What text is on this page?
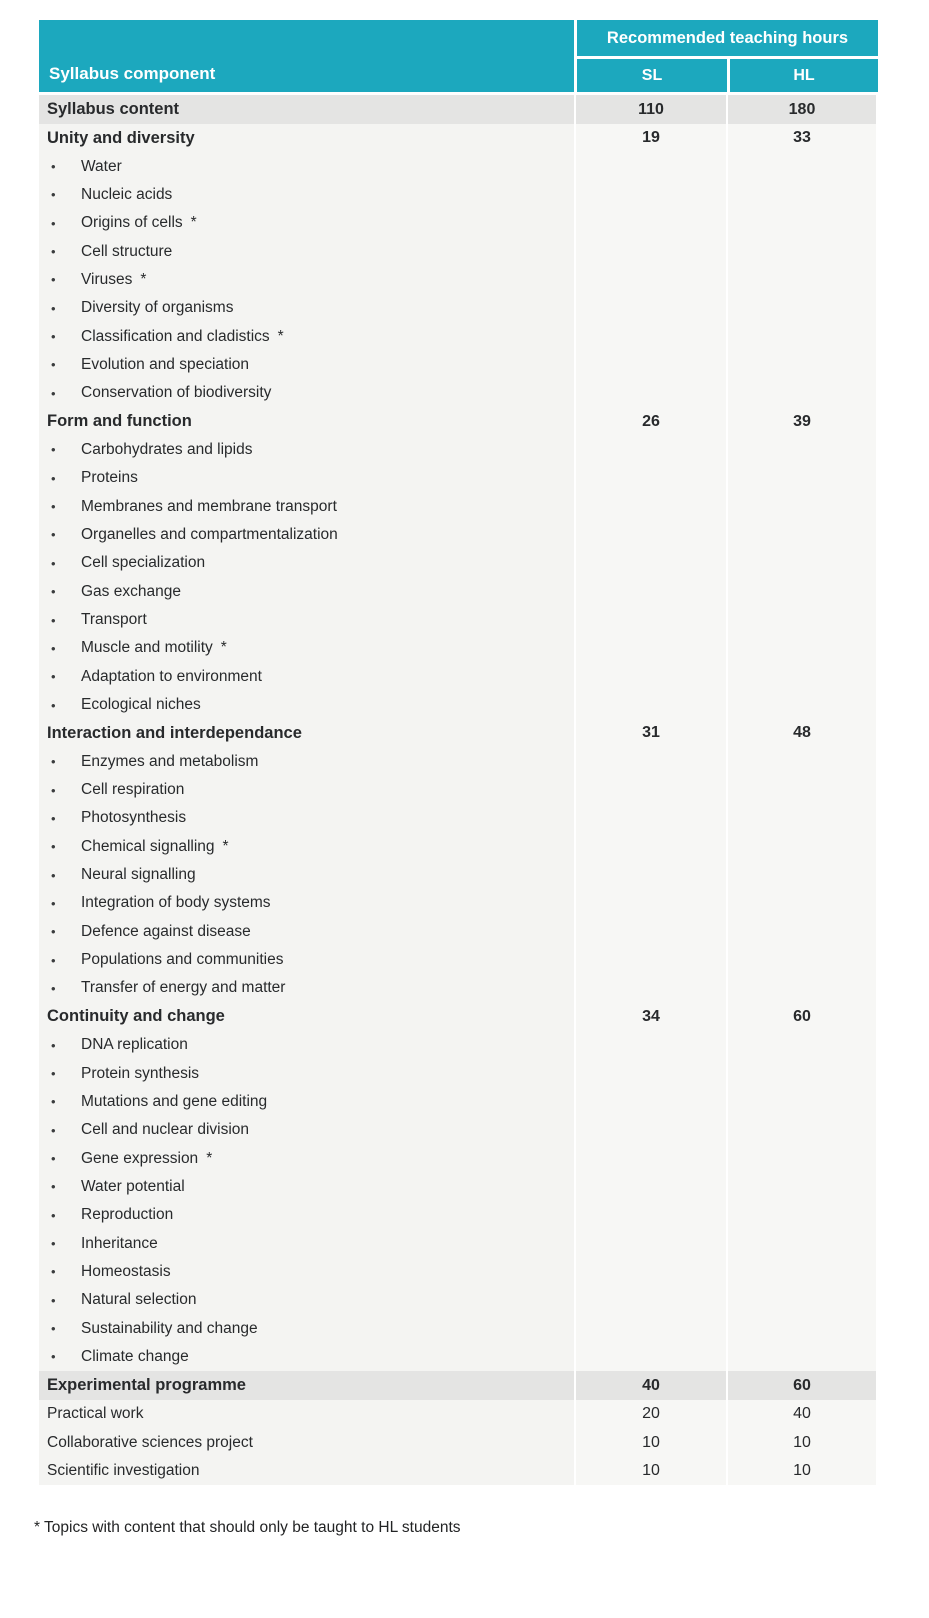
Syllabus component
Recommended teaching hours
SL	HL
Syllabus content	110	180
Unity and diversity	19	33
•	Water
•	Nucleic acids
•	Origins of cells *
•	Cell structure
•	Viruses *
•	Diversity of organisms
•	Classification and cladistics *
•	Evolution and speciation
•	Conservation of biodiversity
Form and function	26	39
•	Carbohydrates and lipids
•	Proteins
•	Membranes and membrane transport
•	Organelles and compartmentalization
•	Cell specialization
•	Gas exchange
•	Transport
•	Muscle and motility *
•	Adaptation to environment
•	Ecological niches
Interaction and interdependance	31	48
•	Enzymes and metabolism
•	Cell respiration
•	Photosynthesis
•	Chemical signalling *
•	Neural signalling
•	Integration of body systems
•	Defence against disease
•	Populations and communities
•	Transfer of energy and matter
Continuity and change	34	60
•	DNA replication
•	Protein synthesis
•	Mutations and gene editing
•	Cell and nuclear division
•	Gene expression *
•	Water potential
•	Reproduction
•	Inheritance
•	Homeostasis
•	Natural selection
•	Sustainability and change
•	Climate change
Experimental programme	40	60
Practical work	20	40
Collaborative sciences project	10	10
Scientific investigation	10	10
* Topics with content that should only be taught to HL students
